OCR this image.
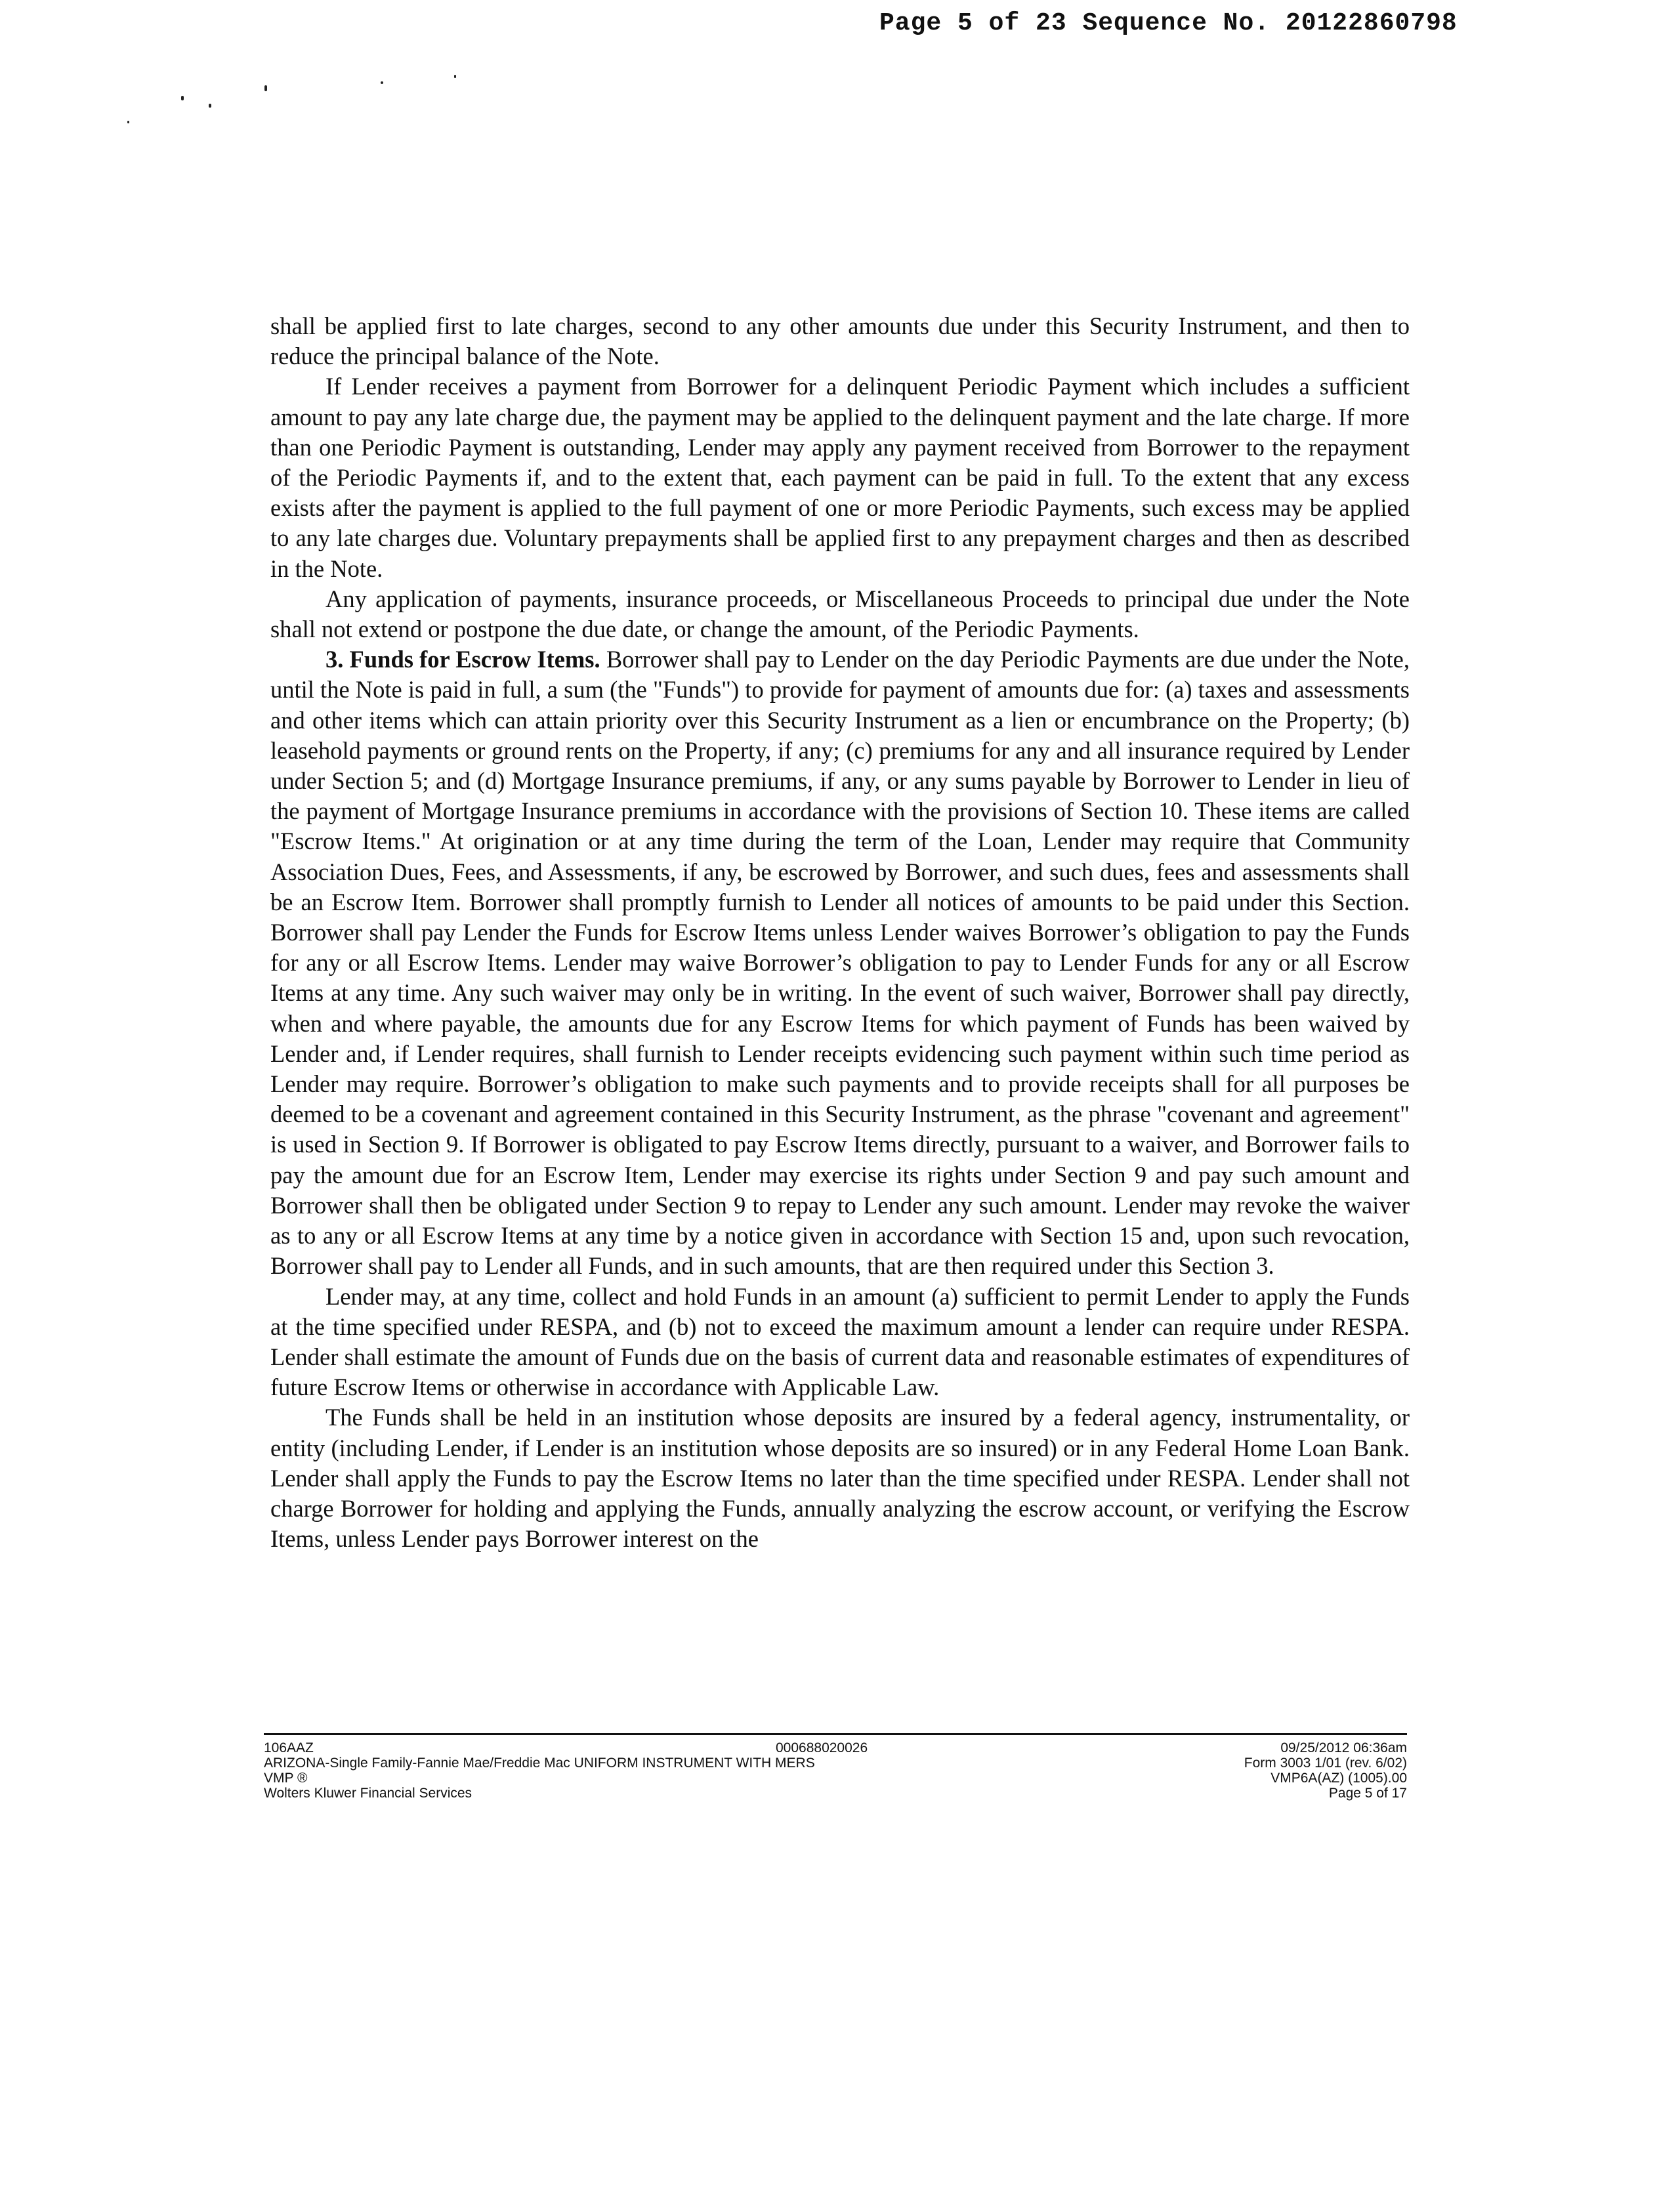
Page 5 of 23 Sequence No. 20122860798

shall be applied first to late charges, second to any other amounts due under this Security Instrument, and then to reduce the principal balance of the Note.

If Lender receives a payment from Borrower for a delinquent Periodic Payment which includes a sufficient amount to pay any late charge due, the payment may be applied to the delinquent payment and the late charge. If more than one Periodic Payment is outstanding, Lender may apply any payment received from Borrower to the repayment of the Periodic Payments if, and to the extent that, each payment can be paid in full. To the extent that any excess exists after the payment is applied to the full payment of one or more Periodic Payments, such excess may be applied to any late charges due. Voluntary prepayments shall be applied first to any prepayment charges and then as described in the Note.

Any application of payments, insurance proceeds, or Miscellaneous Proceeds to principal due under the Note shall not extend or postpone the due date, or change the amount, of the Periodic Payments.

3. Funds for Escrow Items. Borrower shall pay to Lender on the day Periodic Payments are due under the Note, until the Note is paid in full, a sum (the "Funds") to provide for payment of amounts due for: (a) taxes and assessments and other items which can attain priority over this Security Instrument as a lien or encumbrance on the Property; (b) leasehold payments or ground rents on the Property, if any; (c) premiums for any and all insurance required by Lender under Section 5; and (d) Mortgage Insurance premiums, if any, or any sums payable by Borrower to Lender in lieu of the payment of Mortgage Insurance premiums in accordance with the provisions of Section 10. These items are called "Escrow Items." At origination or at any time during the term of the Loan, Lender may require that Community Association Dues, Fees, and Assessments, if any, be escrowed by Borrower, and such dues, fees and assessments shall be an Escrow Item. Borrower shall promptly furnish to Lender all notices of amounts to be paid under this Section. Borrower shall pay Lender the Funds for Escrow Items unless Lender waives Borrower’s obligation to pay the Funds for any or all Escrow Items. Lender may waive Borrower’s obligation to pay to Lender Funds for any or all Escrow Items at any time. Any such waiver may only be in writing. In the event of such waiver, Borrower shall pay directly, when and where payable, the amounts due for any Escrow Items for which payment of Funds has been waived by Lender and, if Lender requires, shall furnish to Lender receipts evidencing such payment within such time period as Lender may require. Borrower’s obligation to make such payments and to provide receipts shall for all purposes be deemed to be a covenant and agreement contained in this Security Instrument, as the phrase "covenant and agreement" is used in Section 9. If Borrower is obligated to pay Escrow Items directly, pursuant to a waiver, and Borrower fails to pay the amount due for an Escrow Item, Lender may exercise its rights under Section 9 and pay such amount and Borrower shall then be obligated under Section 9 to repay to Lender any such amount. Lender may revoke the waiver as to any or all Escrow Items at any time by a notice given in accordance with Section 15 and, upon such revocation, Borrower shall pay to Lender all Funds, and in such amounts, that are then required under this Section 3.

Lender may, at any time, collect and hold Funds in an amount (a) sufficient to permit Lender to apply the Funds at the time specified under RESPA, and (b) not to exceed the maximum amount a lender can require under RESPA. Lender shall estimate the amount of Funds due on the basis of current data and reasonable estimates of expenditures of future Escrow Items or otherwise in accordance with Applicable Law.

The Funds shall be held in an institution whose deposits are insured by a federal agency, instrumentality, or entity (including Lender, if Lender is an institution whose deposits are so insured) or in any Federal Home Loan Bank. Lender shall apply the Funds to pay the Escrow Items no later than the time specified under RESPA. Lender shall not charge Borrower for holding and applying the Funds, annually analyzing the escrow account, or verifying the Escrow Items, unless Lender pays Borrower interest on the

106AAZ
ARIZONA-Single Family-Fannie Mae/Freddie Mac UNIFORM INSTRUMENT WITH MERS
VMP ®
Wolters Kluwer Financial Services
000688020026	09/25/2012 06:36am
Form 3003 1/01 (rev. 6/02)
VMP6A(AZ) (1005).00
Page 5 of 17
